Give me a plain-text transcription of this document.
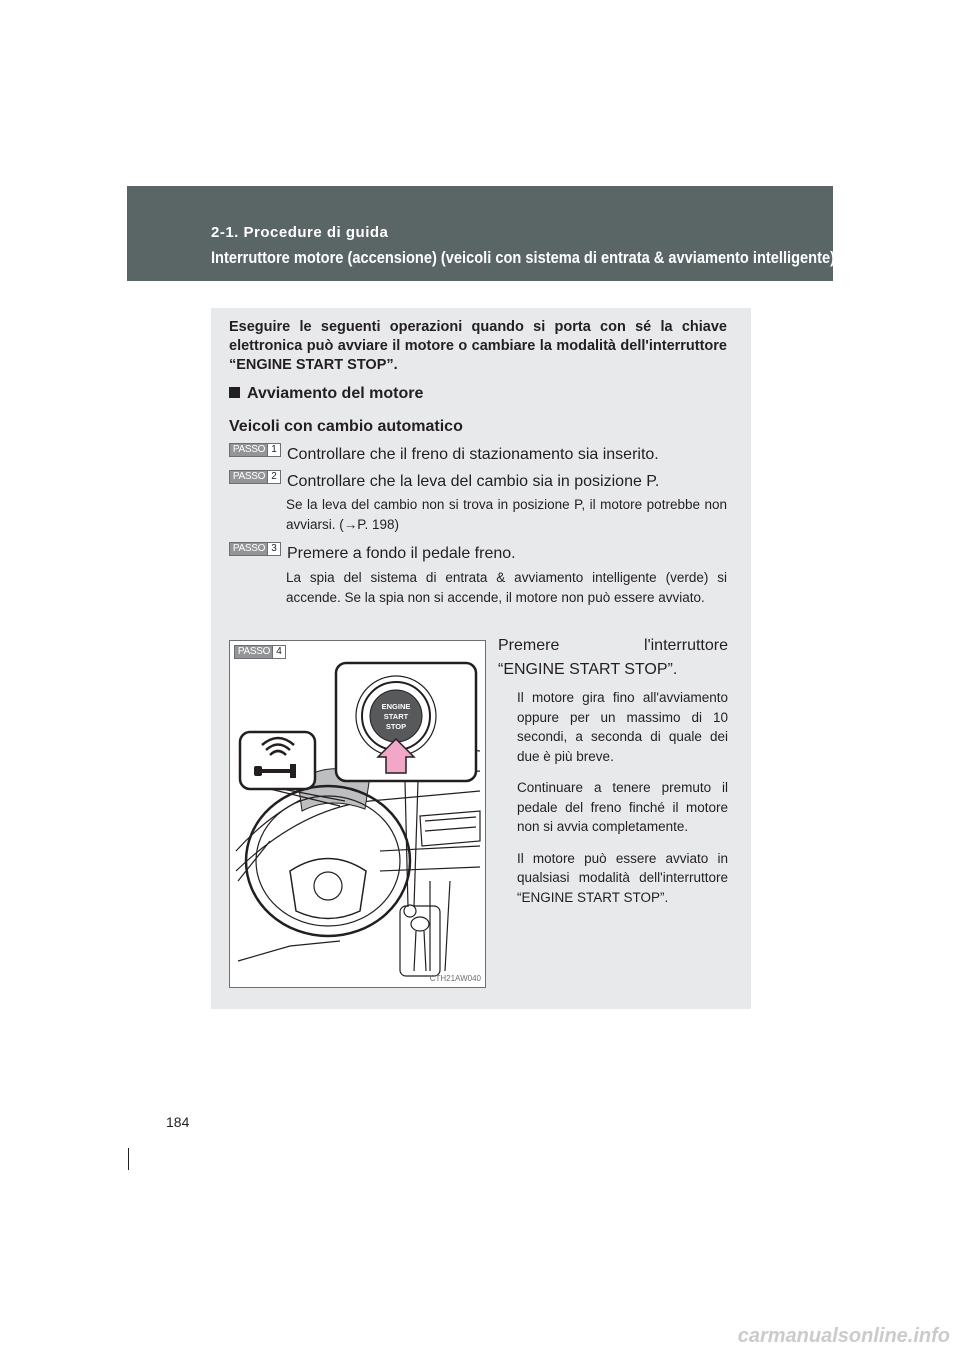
2-1. Procedure di guida
Interruttore motore (accensione) (veicoli con sistema di entrata & avviamento intelligente)
Eseguire le seguenti operazioni quando si porta con sé la chiave elettronica può avviare il motore o cambiare la modalità dell'interruttore “ENGINE START STOP”.
Avviamento del motore
Veicoli con cambio automatico
PASSO 1 Controllare che il freno di stazionamento sia inserito.
PASSO 2 Controllare che la leva del cambio sia in posizione P.
Se la leva del cambio non si trova in posizione P, il motore potrebbe non avviarsi. (→P. 198)
PASSO 3 Premere a fondo il pedale freno.
La spia del sistema di entrata & avviamento intelligente (verde) si accende. Se la spia non si accende, il motore non può essere avviato.
ENGINE
START
STOP
PASSO 4
CTH21AW040
Premere	l'interruttore
“ENGINE START STOP”.

Il motore gira fino all'avviamento oppure per un massimo di 10 secondi, a seconda di quale dei due è più breve.

Continuare a tenere premuto il pedale del freno finché il motore non si avvia completamente.

Il motore può essere avviato in qualsiasi modalità dell'interruttore “ENGINE START STOP”.

184
carmanualsonline.info
